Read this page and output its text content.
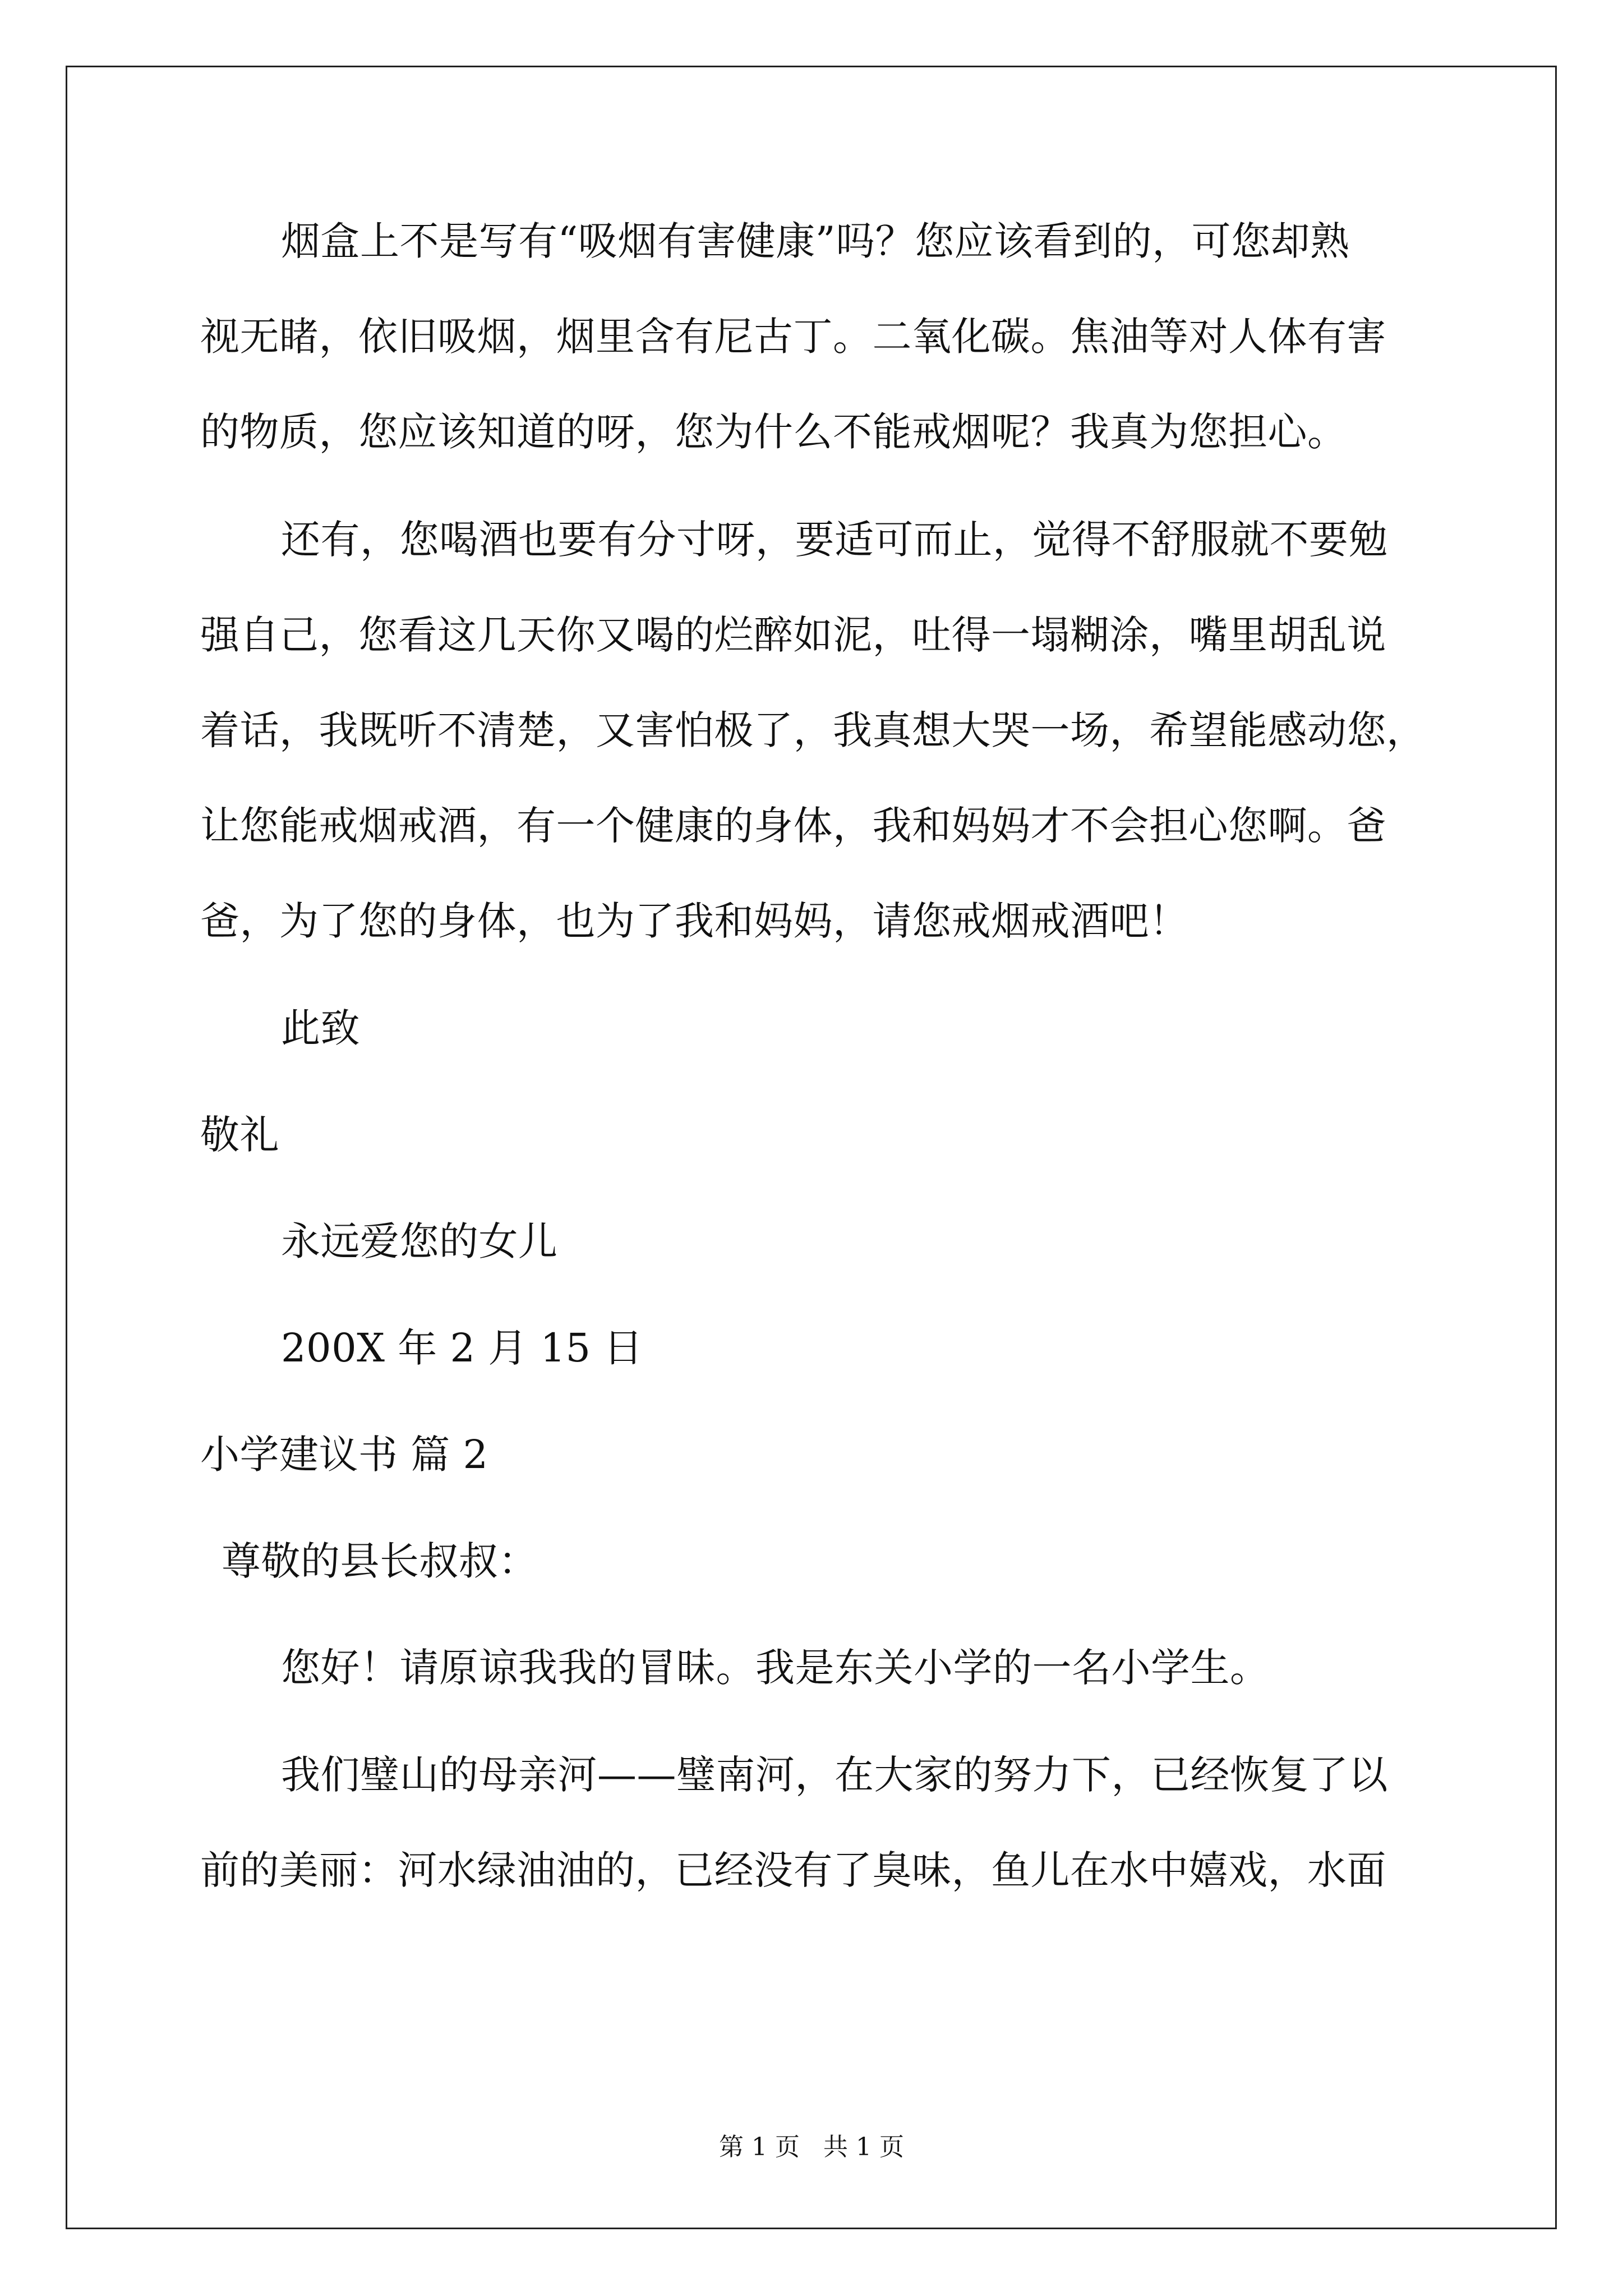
烟盒上不是写有“吸烟有害健康”吗？您应该看到的，可您却熟
视无睹，依旧吸烟，烟里含有尼古丁。二氧化碳。焦油等对人体有害
的物质，您应该知道的呀，您为什么不能戒烟呢？我真为您担心。
还有，您喝酒也要有分寸呀，要适可而止，觉得不舒服就不要勉
强自己，您看这几天你又喝的烂醉如泥，吐得一塌糊涂，嘴里胡乱说
着话，我既听不清楚，又害怕极了，我真想大哭一场，希望能感动您，
让您能戒烟戒酒，有一个健康的身体，我和妈妈才不会担心您啊。爸
爸，为了您的身体，也为了我和妈妈，请您戒烟戒酒吧！
此致
敬礼
永远爱您的女儿
200X 年 2 月 15 日
小学建议书 篇 2
尊敬的县长叔叔：
您好！请原谅我我的冒昧。我是东关小学的一名小学生。
我们璧山的母亲河——璧南河，在大家的努力下，已经恢复了以
前的美丽：河水绿油油的，已经没有了臭味，鱼儿在水中嬉戏，水面
第 1 页   共 1 页
